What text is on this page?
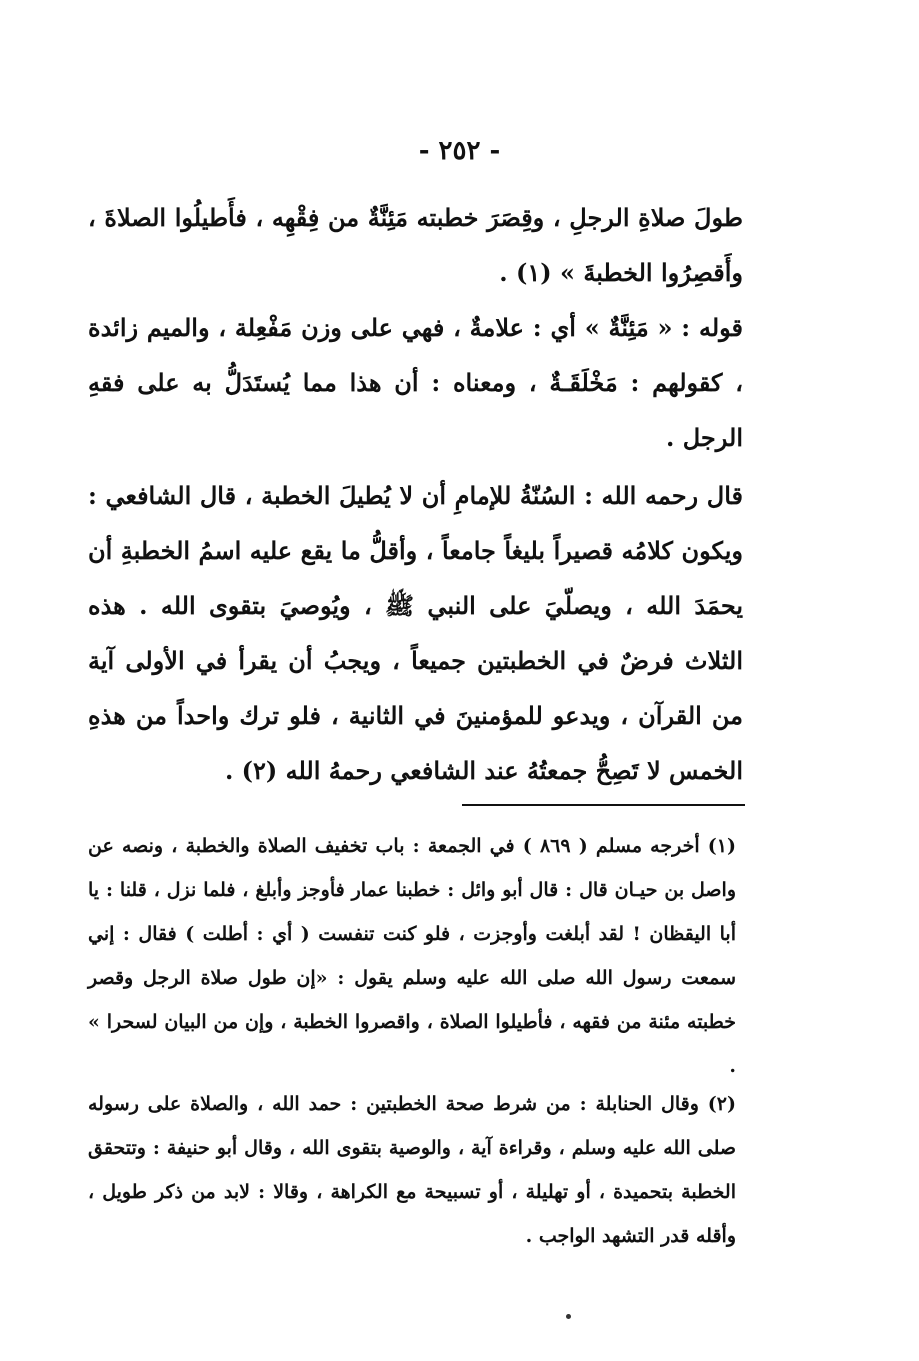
- ٢٥٢ -

طولَ صلاةِ الرجلِ ، وقِصَرَ خطبته مَئِنَّةٌ من فِقْهِه ، فأَطيلُوا الصلاةَ ، وأَقصِرُوا الخطبةَ » (١) .

قوله : « مَئِنَّةٌ » أي : علامةٌ ، فهي على وزن مَفْعِلة ، والميم زائدة ، كقولهم : مَخْلَقَـةٌ ، ومعناه : أن هذا مما يُستَدَلُّ به على فقهِ الرجل .

قال رحمه الله : السُنّةُ للإمامِ أن لا يُطيلَ الخطبة ، قال الشافعي : ويكون كلامُه قصيراً بليغاً جامعاً ، وأقلُّ ما يقع عليه اسمُ الخطبةِ أن يحمَدَ الله ، ويصلّيَ على النبي ﷺ ، ويُوصيَ بتقوى الله . هذه الثلاث فرضٌ في الخطبتين جميعاً ، ويجبُ أن يقرأ في الأولى آية من القرآن ، ويدعو للمؤمنينَ في الثانية ، فلو ترك واحداً من هذهِ الخمس لا تَصِحُّ جمعتُهُ عند الشافعي رحمهُ الله (٢) .

(١) أخرجه مسلم ( ٨٦٩ ) في الجمعة : باب تخفيف الصلاة والخطبة ، ونصه عن واصل بن حيـان قال : قال أبو وائل : خطبنا عمار فأوجز وأبلغ ، فلما نزل ، قلنا : يا أبا اليقظان ! لقد أبلغت وأوجزت ، فلو كنت تنفست ( أي : أطلت ) فقال : إني سمعت رسول الله صلى الله عليه وسلم يقول : «إن طول صلاة الرجل وقصر خطبته مئنة من فقهه ، فأطيلوا الصلاة ، واقصروا الخطبة ، وإن من البيان لسحرا » .

(٢) وقال الحنابلة : من شرط صحة الخطبتين : حمد الله ، والصلاة على رسوله صلى الله عليه وسلم ، وقراءة آية ، والوصية بتقوى الله ، وقال أبو حنيفة : وتتحقق الخطبة بتحميدة ، أو تهليلة ، أو تسبيحة مع الكراهة ، وقالا : لابد من ذكر طويل ، وأقله قدر التشهد الواجب .
